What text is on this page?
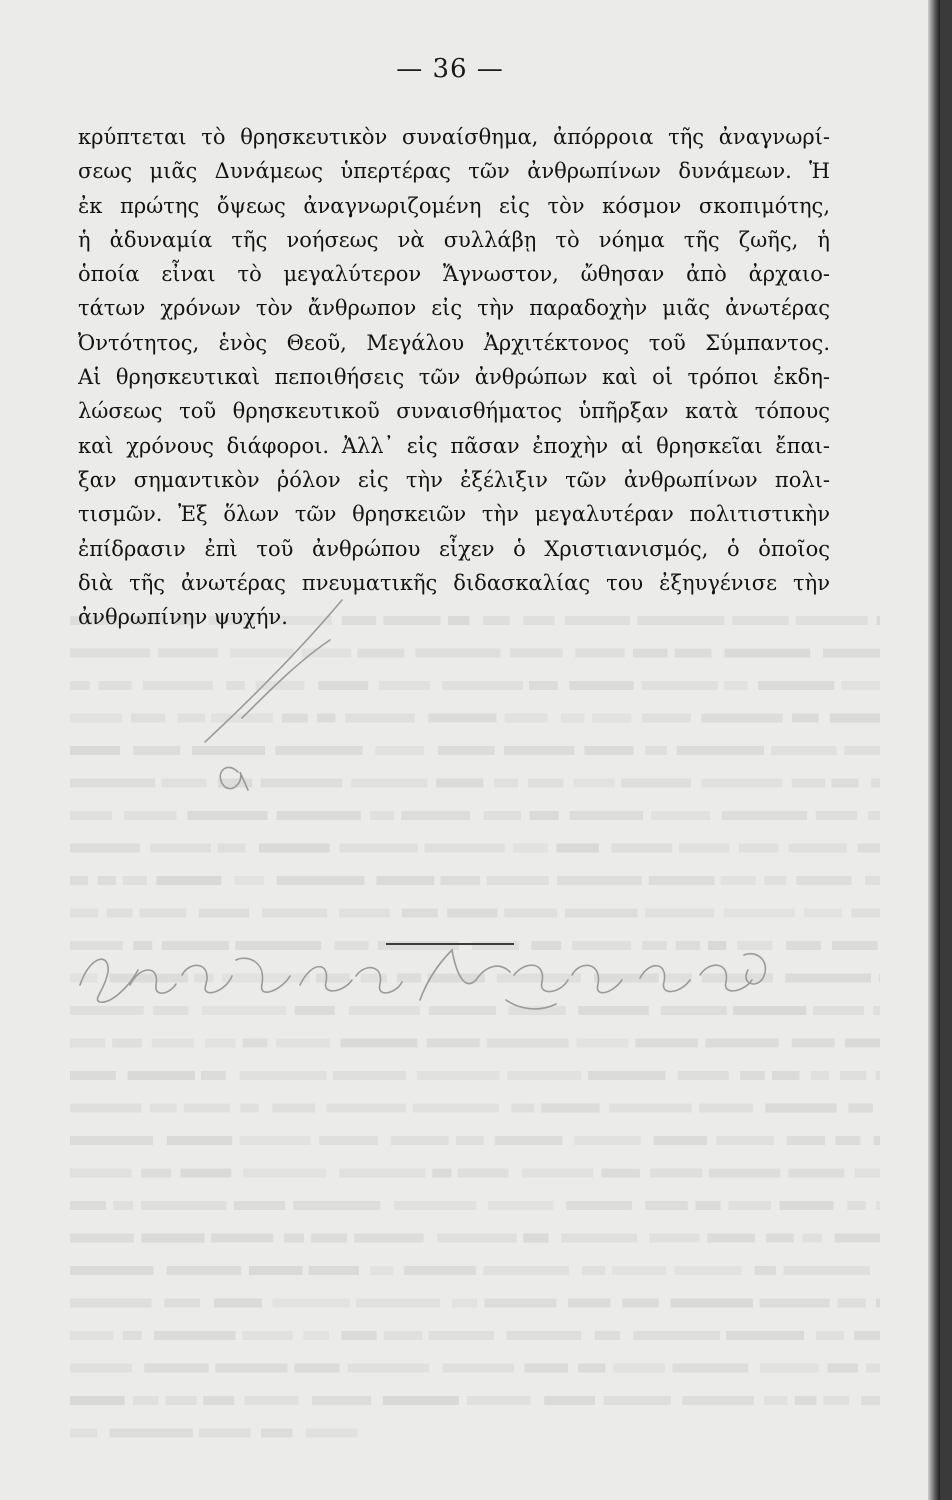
— 36 —
κρύπτεται τὸ θρησκευτικὸν συναίσθημα, ἀπόρροια τῆς ἀναγνωρί-
σεως μιᾶς Δυνάμεως ὑπερτέρας τῶν ἀνθρωπίνων δυνάμεων. Ἡ
ἐκ πρώτης ὄψεως ἀναγνωριζομένη εἰς τὸν κόσμον σκοπιμότης,
ἡ ἀδυναμία τῆς νοήσεως νὰ συλλάβῃ τὸ νόημα τῆς ζωῆς, ἡ
ὁποία εἶναι τὸ μεγαλύτερον Ἄγνωστον, ὤθησαν ἀπὸ ἀρχαιο-
τάτων χρόνων τὸν ἄνθρωπον εἰς τὴν παραδοχὴν μιᾶς ἀνωτέρας
Ὀντότητος, ἑνὸς Θεοῦ, Μεγάλου Ἀρχιτέκτονος τοῦ Σύμπαντος.
Αἱ θρησκευτικαὶ πεποιθήσεις τῶν ἀνθρώπων καὶ οἱ τρόποι ἐκδη-
λώσεως τοῦ θρησκευτικοῦ συναισθήματος ὑπῆρξαν κατὰ τόπους
καὶ χρόνους διάφοροι. Ἀλλ᾿ εἰς πᾶσαν ἐποχὴν αἱ θρησκεῖαι ἔπαι-
ξαν σημαντικὸν ῥόλον εἰς τὴν ἐξέλιξιν τῶν ἀνθρωπίνων πολι-
τισμῶν. Ἐξ ὅλων τῶν θρησκειῶν τὴν μεγαλυτέραν πολιτιστικὴν
ἐπίδρασιν ἐπὶ τοῦ ἀνθρώπου εἶχεν ὁ Χριστιανισμός, ὁ ὁποῖος
διὰ τῆς ἀνωτέρας πνευματικῆς διδασκαλίας του ἐξηυγένισε τὴν
ἀνθρωπίνην ψυχήν.
